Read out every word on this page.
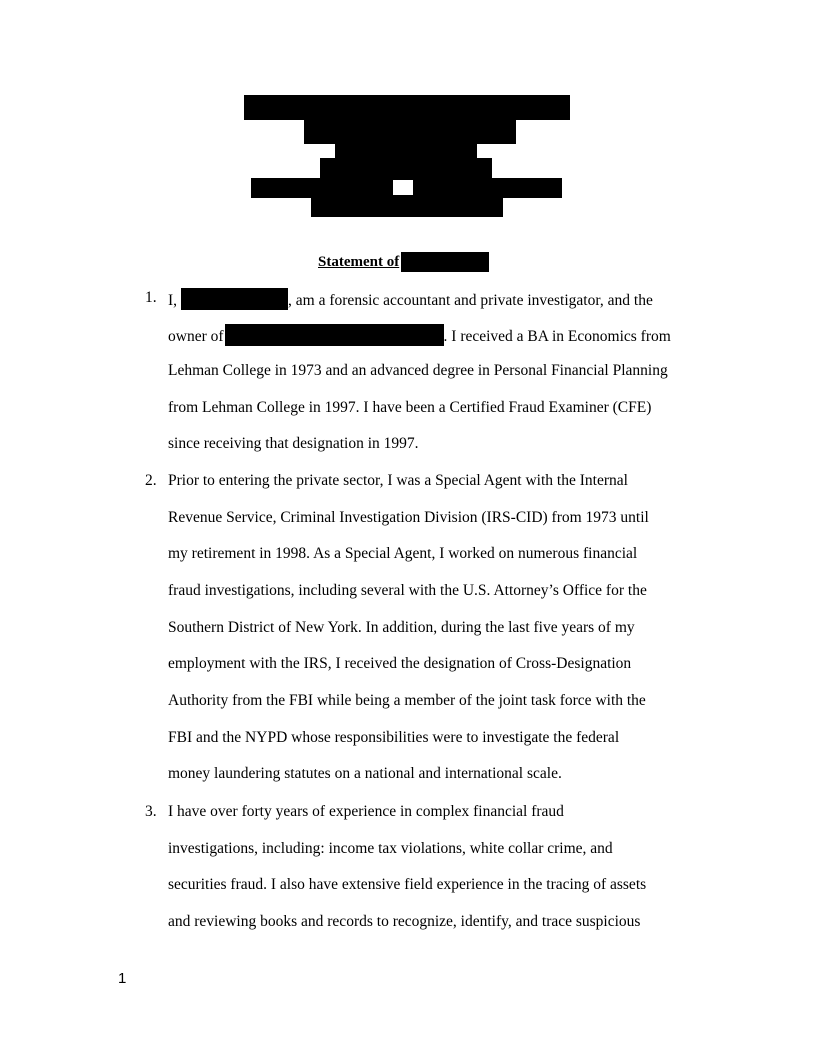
Statement of
1. I,	, am a forensic accountant and private investigator, and the
owner of	. I received a BA in Economics from
Lehman College in 1973 and an advanced degree in Personal Financial Planning
from Lehman College in 1997. I have been a Certified Fraud Examiner (CFE)
since receiving that designation in 1997.
2. Prior to entering the private sector, I was a Special Agent with the Internal
Revenue Service, Criminal Investigation Division (IRS-CID) from 1973 until
my retirement in 1998. As a Special Agent, I worked on numerous financial
fraud investigations, including several with the U.S. Attorney’s Office for the
Southern District of New York. In addition, during the last five years of my
employment with the IRS, I received the designation of Cross-Designation
Authority from the FBI while being a member of the joint task force with the
FBI and the NYPD whose responsibilities were to investigate the federal
money laundering statutes on a national and international scale.
3. I have over forty years of experience in complex financial fraud
investigations, including: income tax violations, white collar crime, and
securities fraud. I also have extensive field experience in the tracing of assets
and reviewing books and records to recognize, identify, and trace suspicious
1
